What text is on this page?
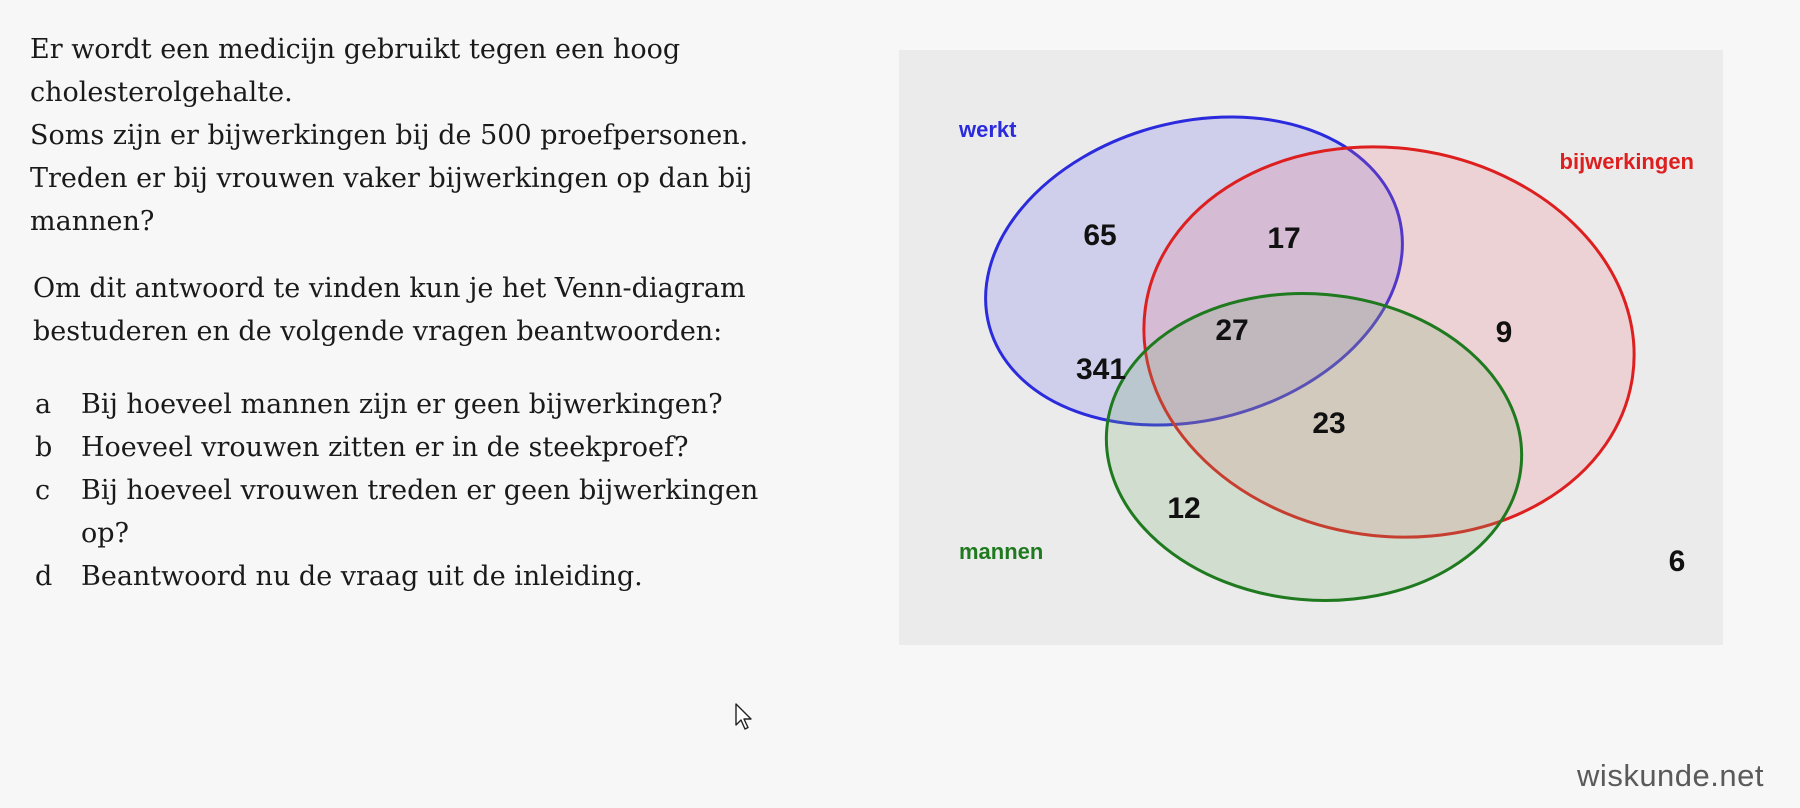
Er wordt een medicijn gebruikt tegen een hoog

cholesterolgehalte.

Soms zijn er bijwerkingen bij de 500 proefpersonen.

Treden er bij vrouwen vaker bijwerkingen op dan bij

mannen?

Om dit antwoord te vinden kun je het Venn-diagram

bestuderen en de volgende vragen beantwoorden:

a	Bij hoeveel mannen zijn er geen bijwerkingen?
b	Hoeveel vrouwen zitten er in de steekproef?
c	Bij hoeveel vrouwen treden er geen bijwerkingen op?
d	Beantwoord nu de vraag uit de inleiding.
werkt
bijwerkingen
mannen
65	17
27
341
9
23
12
6
wiskunde.net
